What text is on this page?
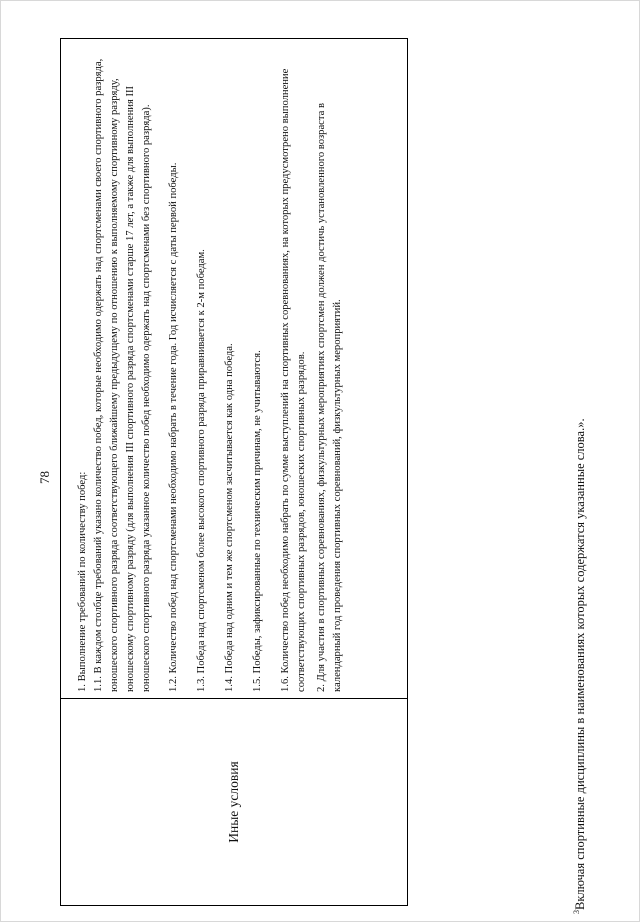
78
Иные условия

1. Выполнение требований по количеству побед: 1.1. В каждом столбце требований указано количество побед, которые необходимо одержать над спортсменами своего спортивного разряда, юношеского спортивного разряда соответствующего ближайшему предыдущему по отношению к выполняемому спортивному разряду, юношескому спортивному разряду (для выполнения III спортивного разряда спортсменами старше 17 лет, а также для выполнения III юношеского спортивного разряда указанное количество побед необходимо одержать над спортсменами без спортивного разряда). 1.2. Количество побед над спортсменами необходимо набрать в течение года. Год исчисляется с даты первой победы. 1.3. Победа над спортсменом более высокого спортивного разряда приравнивается к 2-м победам. 1.4. Победа над одним и тем же спортсменом засчитывается как одна победа. 1.5. Победы, зафиксированные по техническим причинам, не учитываются. 1.6. Количество побед необходимо набрать по сумме выступлений на спортивных соревнованиях, на которых предусмотрено выполнение соответствующих спортивных разрядов, юношеских спортивных разрядов. 2. Для участия в спортивных соревнованиях, физкультурных мероприятиях спортсмен должен достичь установленного возраста в календарный год проведения спортивных соревнований, физкультурных мероприятий.

$^3$Включая спортивные дисциплины в наименованиях которых содержатся указанные слова.».
